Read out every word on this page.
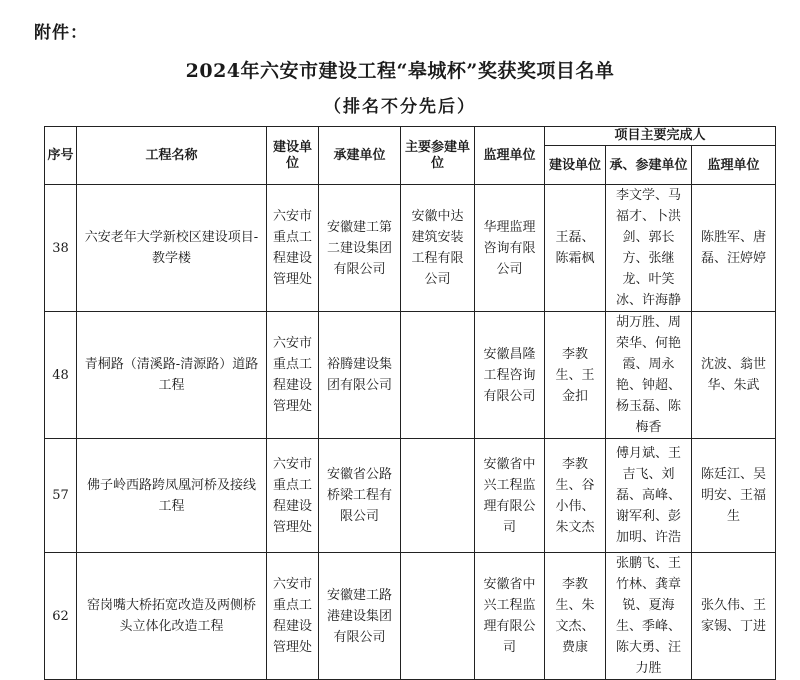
附件：
2024年六安市建设工程“皋城杯”奖获奖项目名单
（排名不分先后）
序号	工程名称	建设单位	承建单位	主要参建单位	监理单位	项目主要完成人		
						建设单位	承、参建单位	监理单位
38	六安老年大学新校区建设项目-教学楼	六安市重点工程建设管理处	安徽建工第二建设集团有限公司	安徽中达建筑安装工程有限公司	华理监理咨询有限公司	王磊、陈霜枫	李文学、马福才、卜洪剑、郭长方、张继龙、叶笑冰、许海静	陈胜军、唐磊、汪婷婷
48	青桐路（清溪路-清源路）道路工程	六安市重点工程建设管理处	裕腾建设集团有限公司		安徽昌隆工程咨询有限公司	李教生、王金扣	胡万胜、周荣华、何艳霞、周永艳、钟超、杨玉磊、陈梅香	沈波、翁世华、朱武
57	佛子岭西路跨凤凰河桥及接线工程	六安市重点工程建设管理处	安徽省公路桥梁工程有限公司		安徽省中兴工程监理有限公司	李教生、谷小伟、朱文杰	傅月斌、王吉飞、刘磊、高峰、谢军利、彭加明、许浩	陈廷江、吴明安、王福生
62	窑岗嘴大桥拓宽改造及两侧桥头立体化改造工程	六安市重点工程建设管理处	安徽建工路港建设集团有限公司		安徽省中兴工程监理有限公司	李教生、朱文杰、费康	张鹏飞、王竹林、龚章锐、夏海生、季峰、陈大勇、汪力胜	张久伟、王家锡、丁进
